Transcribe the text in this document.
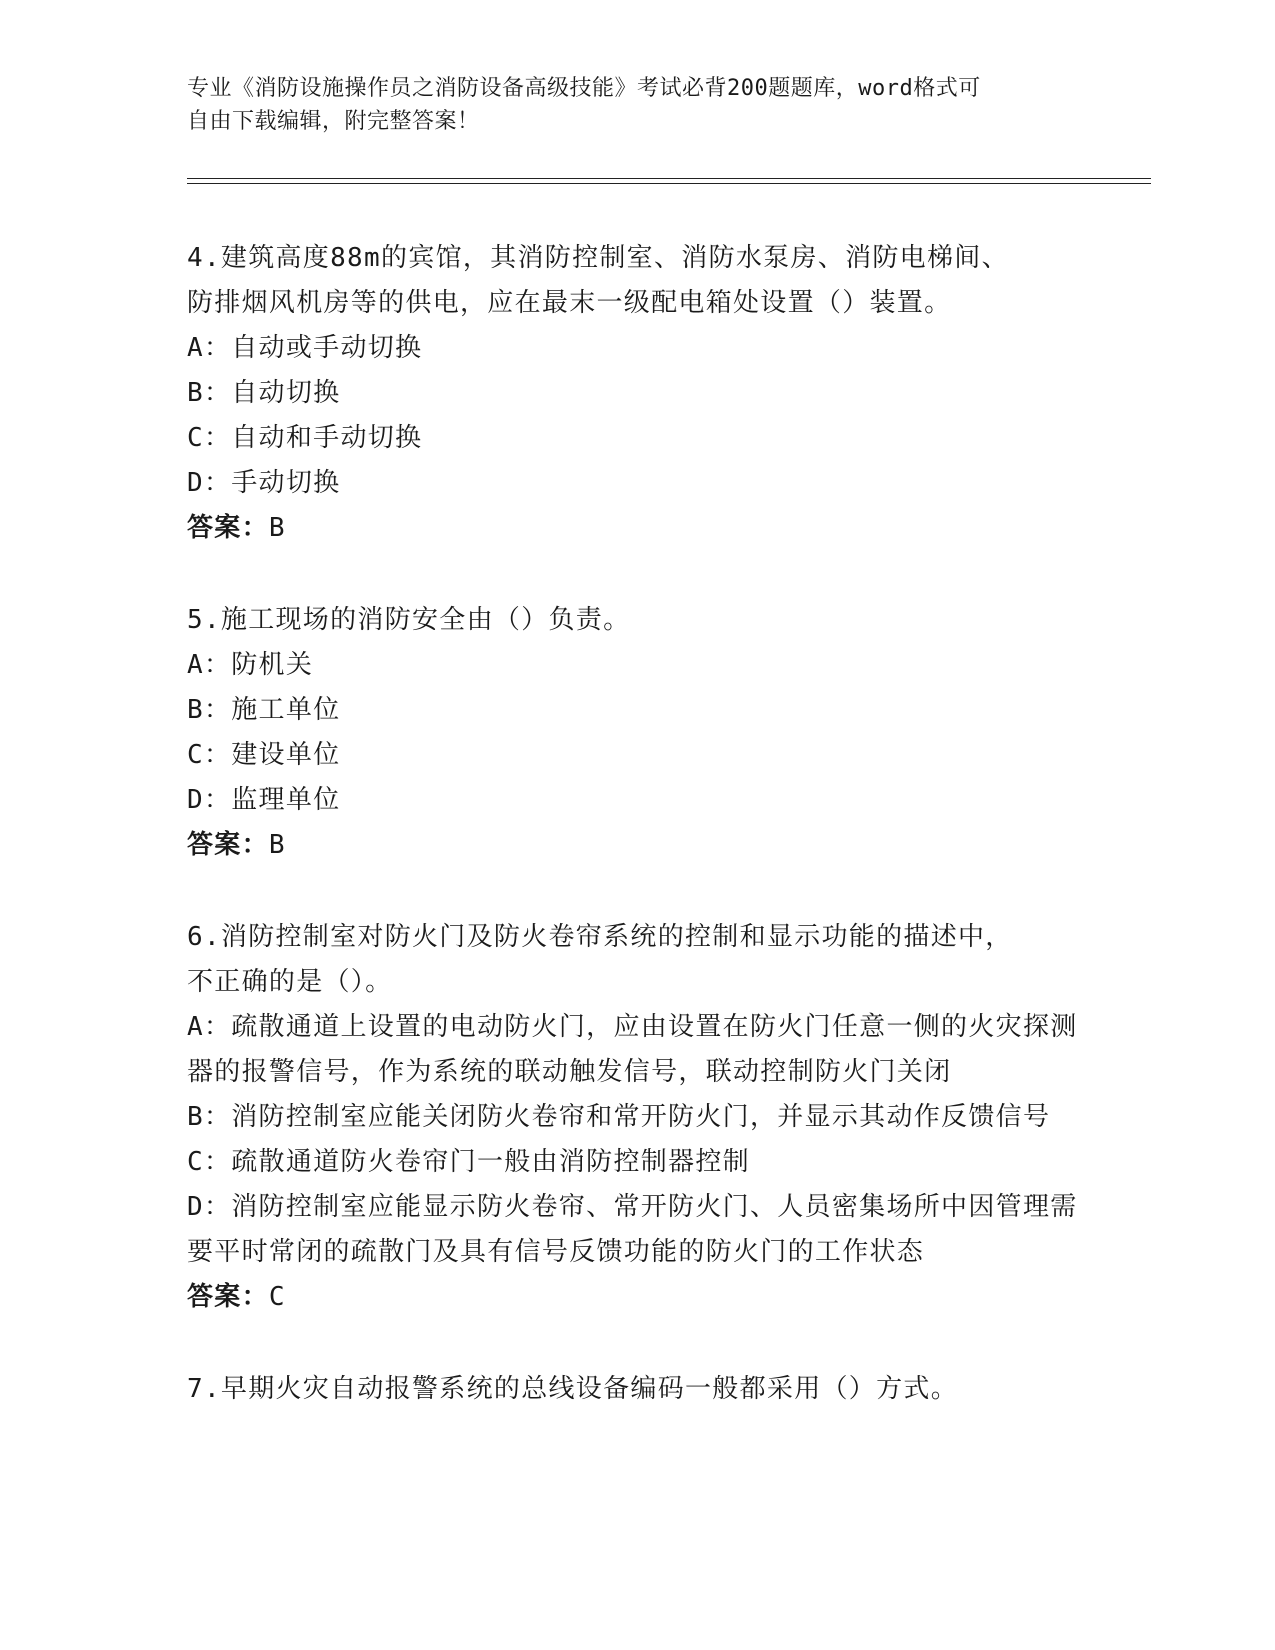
专业《消防设施操作员之消防设备高级技能》考试必背200题题库，word格式可
自由下载编辑，附完整答案！
4.建筑高度88m的宾馆，其消防控制室、消防水泵房、消防电梯间、
防排烟风机房等的供电，应在最末一级配电箱处设置（）装置。
A：自动或手动切换
B：自动切换
C：自动和手动切换
D：手动切换
答案：B
5.施工现场的消防安全由（）负责。
A：防机关
B：施工单位
C：建设单位
D：监理单位
答案：B
6.消防控制室对防火门及防火卷帘系统的控制和显示功能的描述中，
不正确的是（）。
A：疏散通道上设置的电动防火门，应由设置在防火门任意一侧的火灾探测器的报警信号，作为系统的联动触发信号，联动控制防火门关闭
B：消防控制室应能关闭防火卷帘和常开防火门，并显示其动作反馈信号
C：疏散通道防火卷帘门一般由消防控制器控制
D：消防控制室应能显示防火卷帘、常开防火门、人员密集场所中因管理需要平时常闭的疏散门及具有信号反馈功能的防火门的工作状态
答案：C
7.早期火灾自动报警系统的总线设备编码一般都采用（）方式。
